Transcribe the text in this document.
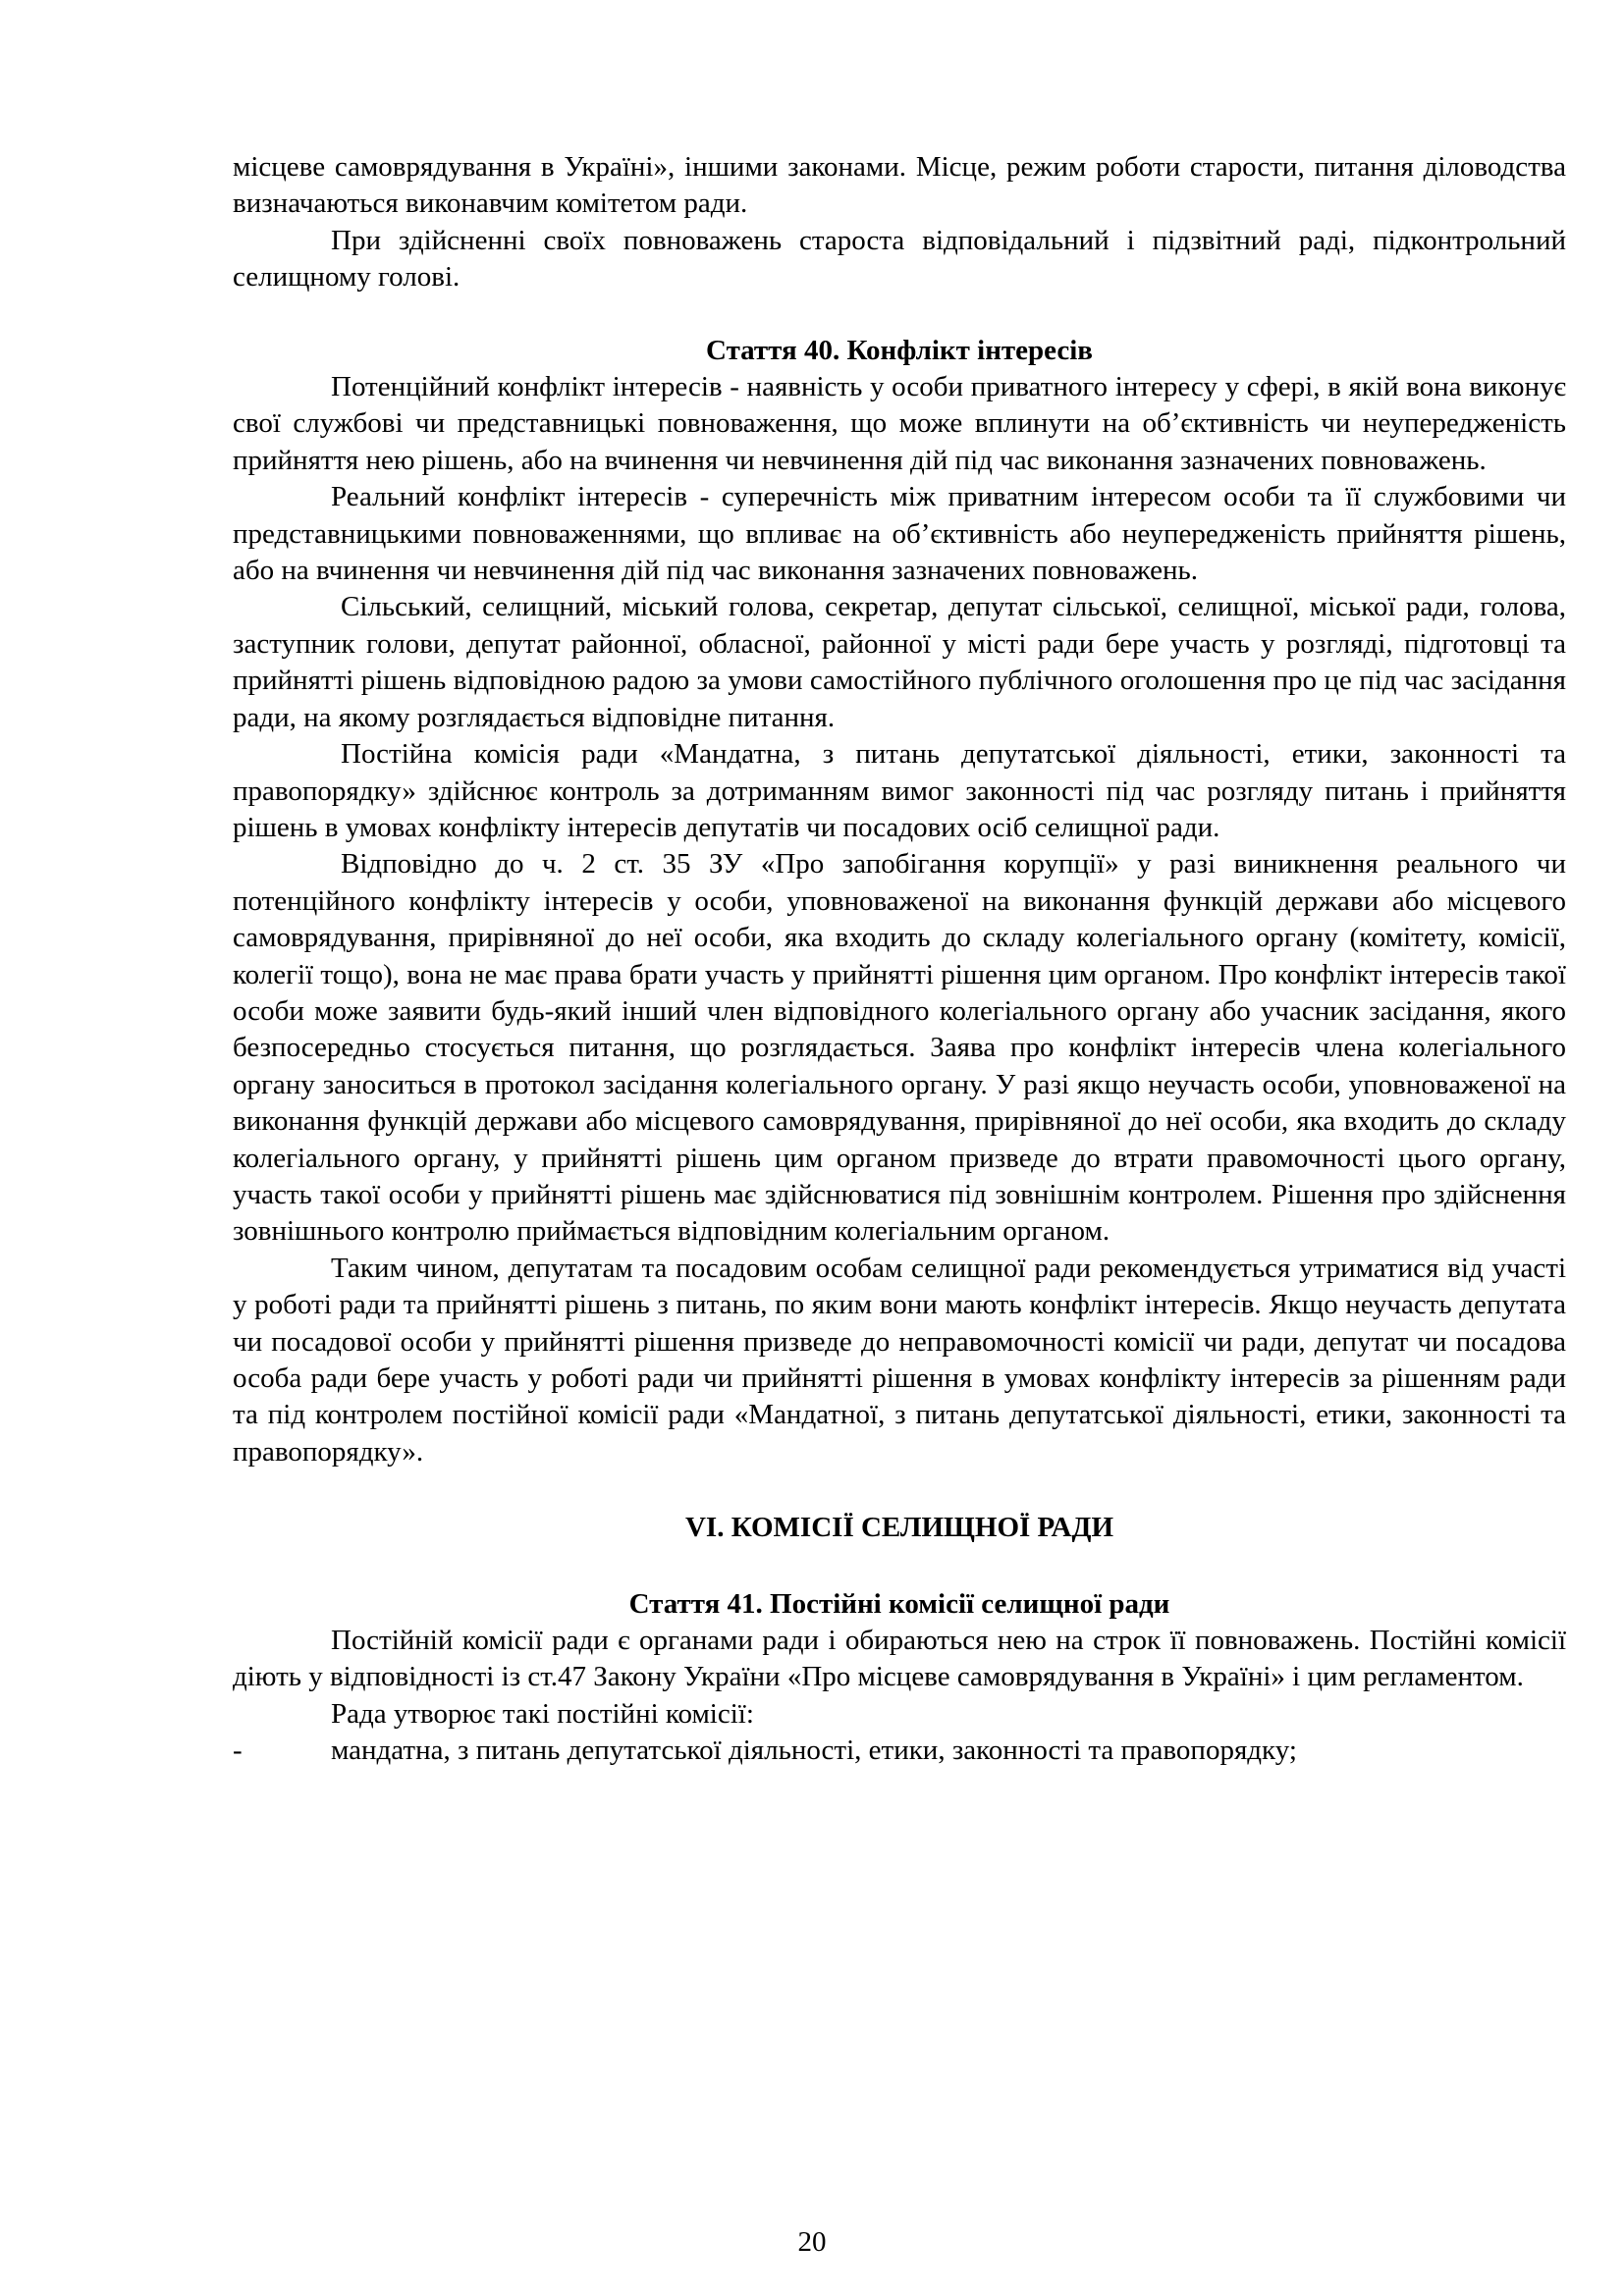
місцеве самоврядування в Україні», іншими законами. Місце, режим роботи старости, питання діловодства визначаються виконавчим комітетом ради.

При здійсненні своїх повноважень староста відповідальний і підзвітний раді, підконтрольний селищному голові.

Стаття 40. Конфлікт інтересів

Потенційний конфлікт інтересів - наявність у особи приватного інтересу у сфері, в якій вона виконує свої службові чи представницькі повноваження, що може вплинути на об’єктивність чи неупередженість прийняття нею рішень, або на вчинення чи невчинення дій під час виконання зазначених повноважень.

Реальний конфлікт інтересів - суперечність між приватним інтересом особи та її службовими чи представницькими повноваженнями, що впливає на об’єктивність або неупередженість прийняття рішень, або на вчинення чи невчинення дій під час виконання зазначених повноважень.

Сільський, селищний, міський голова, секретар, депутат сільської, селищної, міської ради, голова, заступник голови, депутат районної, обласної, районної у місті ради бере участь у розгляді, підготовці та прийнятті рішень відповідною радою за умови самостійного публічного оголошення про це під час засідання ради, на якому розглядається відповідне питання.

Постійна комісія ради «Мандатна, з питань депутатської діяльності, етики, законності та правопорядку» здійснює контроль за дотриманням вимог законності під час розгляду питань і прийняття рішень в умовах конфлікту інтересів депутатів чи посадових осіб селищної ради.

Відповідно до ч. 2 ст. 35 ЗУ «Про запобігання корупції» у разі виникнення реального чи потенційного конфлікту інтересів у особи, уповноваженої на виконання функцій держави або місцевого самоврядування, прирівняної до неї особи, яка входить до складу колегіального органу (комітету, комісії, колегії тощо), вона не має права брати участь у прийнятті рішення цим органом. Про конфлікт інтересів такої особи може заявити будь-який інший член відповідного колегіального органу або учасник засідання, якого безпосередньо стосується питання, що розглядається. Заява про конфлікт інтересів члена колегіального органу заноситься в протокол засідання колегіального органу. У разі якщо неучасть особи, уповноваженої на виконання функцій держави або місцевого самоврядування, прирівняної до неї особи, яка входить до складу колегіального органу, у прийнятті рішень цим органом призведе до втрати правомочності цього органу, участь такої особи у прийнятті рішень має здійснюватися під зовнішнім контролем. Рішення про здійснення зовнішнього контролю приймається відповідним колегіальним органом.

Таким чином, депутатам та посадовим особам селищної ради рекомендується утриматися від участі у роботі ради та прийнятті рішень з питань, по яким вони мають конфлікт інтересів. Якщо неучасть депутата чи посадової особи у прийнятті рішення призведе до неправомочності комісії чи ради, депутат чи посадова особа ради бере участь у роботі ради чи прийнятті рішення в умовах конфлікту інтересів за рішенням ради та під контролем постійної комісії ради «Мандатної, з питань депутатської діяльності, етики, законності та правопорядку».

VI. КОМІСІЇ СЕЛИЩНОЇ РАДИ

Стаття 41. Постійні комісії селищної ради

Постійній комісії ради є органами ради і обираються нею на строк її повноважень. Постійні комісії діють у відповідності із ст.47 Закону України «Про місцеве самоврядування в Україні» і цим регламентом.

Рада утворює такі постійні комісії:

-	мандатна, з питань депутатської діяльності, етики, законності та правопорядку;
20
